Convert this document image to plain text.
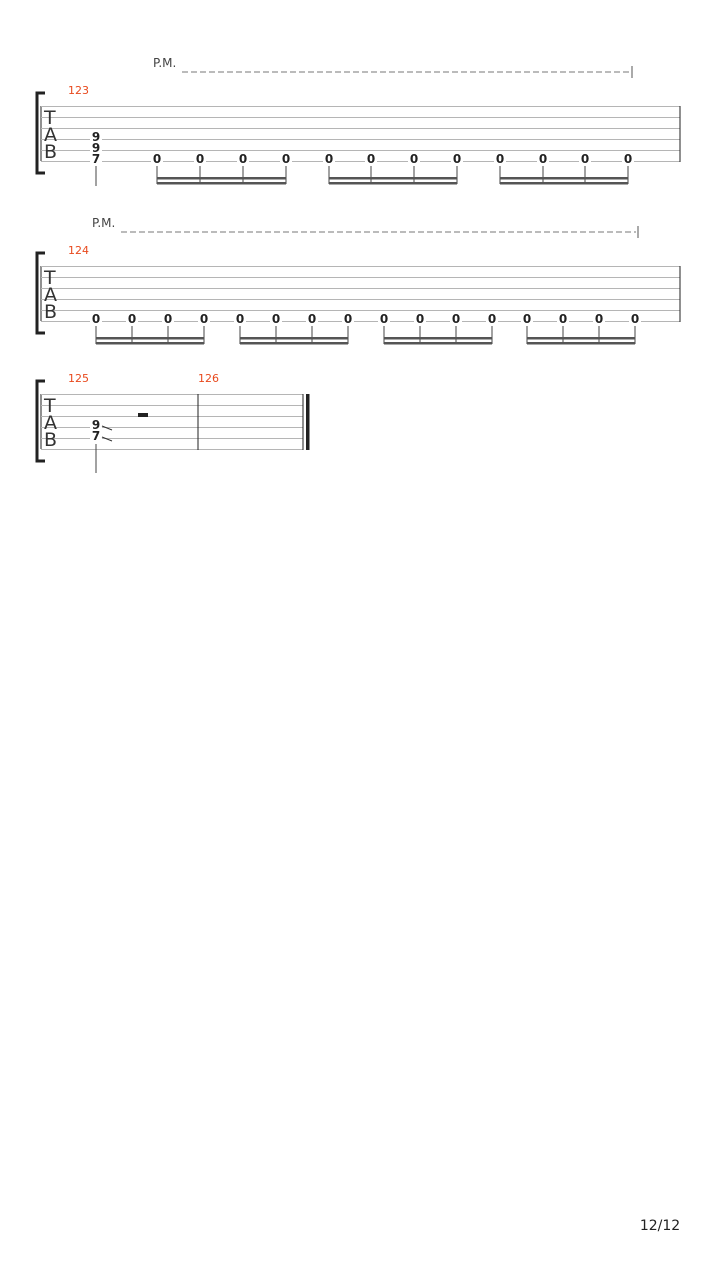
P.M.
T
A
B
123
9
9
7	0	0	0	0	0	0	0	0	0	0	0	0
P.M.
T
A
B
124
0 0 0 0 0 0 0 0 0 0 0 0 0 0 0 0
T
A
B
125	126
9
7
12/12
